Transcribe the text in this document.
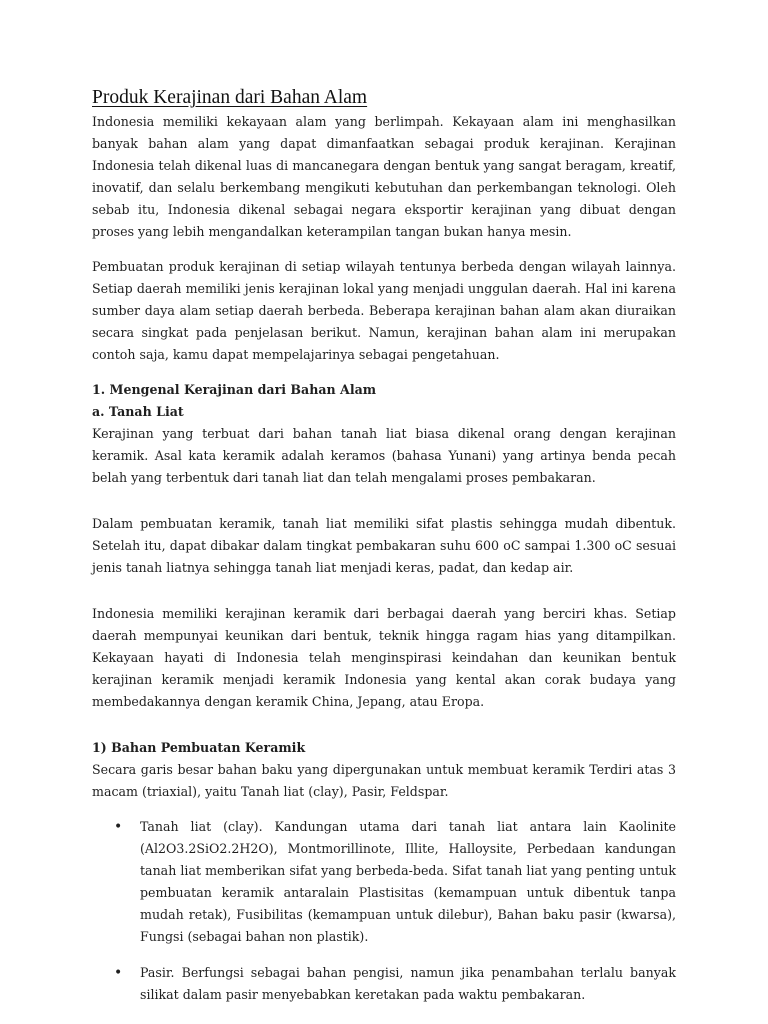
Produk Kerajinan dari Bahan Alam

Indonesia memiliki kekayaan alam yang berlimpah. Kekayaan alam ini menghasilkan banyak bahan alam yang dapat dimanfaatkan sebagai produk kerajinan. Kerajinan Indonesia telah dikenal luas di mancanegara dengan bentuk yang sangat beragam, kreatif, inovatif, dan selalu berkembang mengikuti kebutuhan dan perkembangan teknologi. Oleh sebab itu, Indonesia dikenal sebagai negara eksportir kerajinan yang dibuat dengan proses yang lebih mengandalkan keterampilan tangan bukan hanya mesin.

Pembuatan produk kerajinan di setiap wilayah tentunya berbeda dengan wilayah lainnya. Setiap daerah memiliki jenis kerajinan lokal yang menjadi unggulan daerah. Hal ini karena sumber daya alam setiap daerah berbeda. Beberapa kerajinan bahan alam akan diuraikan secara singkat pada penjelasan berikut. Namun, kerajinan bahan alam ini merupakan contoh saja, kamu dapat mempelajarinya sebagai pengetahuan.

1. Mengenal Kerajinan dari Bahan Alam
a. Tanah Liat

Kerajinan yang terbuat dari bahan tanah liat biasa dikenal orang dengan kerajinan keramik. Asal kata keramik adalah keramos (bahasa Yunani) yang artinya benda pecah belah yang terbentuk dari tanah liat dan telah mengalami proses pembakaran.

Dalam pembuatan keramik, tanah liat memiliki sifat plastis sehingga mudah dibentuk. Setelah itu, dapat dibakar dalam tingkat pembakaran suhu 600 oC sampai 1.300 oC sesuai jenis tanah liatnya sehingga tanah liat menjadi keras, padat, dan kedap air.

Indonesia memiliki kerajinan keramik dari berbagai daerah yang berciri khas. Setiap daerah mempunyai keunikan dari bentuk, teknik hingga ragam hias yang ditampilkan. Kekayaan hayati di Indonesia telah menginspirasi keindahan dan keunikan bentuk kerajinan keramik menjadi keramik Indonesia yang kental akan corak budaya yang membedakannya dengan keramik China, Jepang, atau Eropa.

1) Bahan Pembuatan Keramik

Secara garis besar bahan baku yang dipergunakan untuk membuat keramik Terdiri atas 3 macam (triaxial), yaitu Tanah liat (clay), Pasir, Feldspar.

• Tanah liat (clay). Kandungan utama dari tanah liat antara lain Kaolinite (Al2O3.2SiO2.2H2O), Montmorillinote, Illite, Halloysite, Perbedaan kandungan tanah liat memberikan sifat yang berbeda-beda. Sifat tanah liat yang penting untuk pembuatan keramik antaralain Plastisitas (kemampuan untuk dibentuk tanpa mudah retak), Fusibilitas (kemampuan untuk dilebur), Bahan baku pasir (kwarsa), Fungsi (sebagai bahan non plastik).
• Pasir. Berfungsi sebagai bahan pengisi, namun jika penambahan terlalu banyak silikat dalam pasir menyebabkan keretakan pada waktu pembakaran.
